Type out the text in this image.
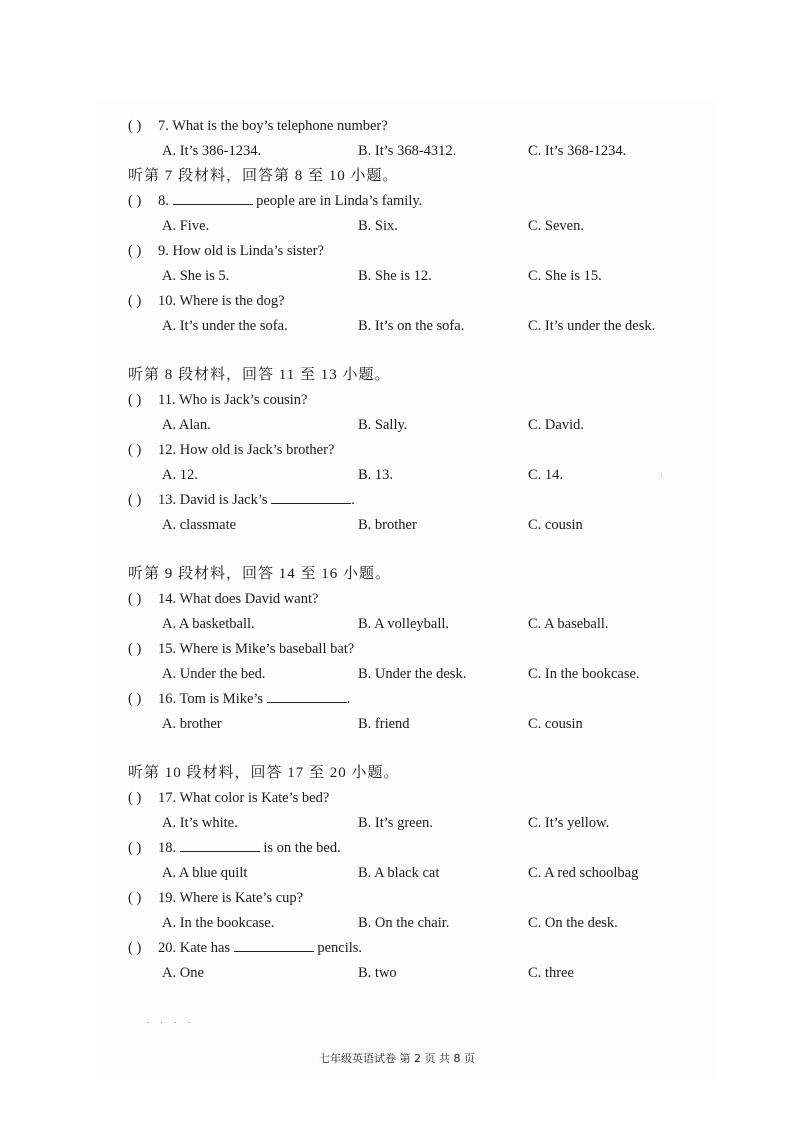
( ) 7. What is the boy’s telephone number?
A. It’s 386-1234.	B. It’s 368-4312.	C. It’s 368-1234.
听第 7 段材料，回答第 8 至 10 小题。
( ) 8.	people are in Linda’s family.
A. Five.	B. Six.	C. Seven.
( ) 9. How old is Linda’s sister?
A. She is 5.	B. She is 12.	C. She is 15.
( ) 10. Where is the dog?
A. It’s under the sofa.	B. It’s on the sofa.	C. It’s under the desk.
听第 8 段材料，回答 11 至 13 小题。
( ) 11. Who is Jack’s cousin?
A. Alan.	B. Sally.	C. David.
( ) 12. How old is Jack’s brother?
A. 12.	B. 13.	C. 14.
( ) 13. David is Jack’s	.
A. classmate	B. brother	C. cousin
听第 9 段材料，回答 14 至 16 小题。
( ) 14. What does David want?
A. A basketball.	B. A volleyball.	C. A baseball.
( ) 15. Where is Mike’s baseball bat?
A. Under the bed.	B. Under the desk.	C. In the bookcase.
( ) 16. Tom is Mike’s	.
A. brother	B. friend	C. cousin
听第 10 段材料，回答 17 至 20 小题。
( ) 17. What color is Kate’s bed?
A. It’s white.	B. It’s green.	C. It’s yellow.
( ) 18.	is on the bed.
A. A blue quilt	B. A black cat	C. A red schoolbag
( ) 19. Where is Kate’s cup?
A. In the bookcase.	B. On the chair.	C. On the desk.
( ) 20. Kate has	pencils.
A. One	B. two	C. three
·
· · · ·
七年级英语试卷 第 2 页 共 8 页
